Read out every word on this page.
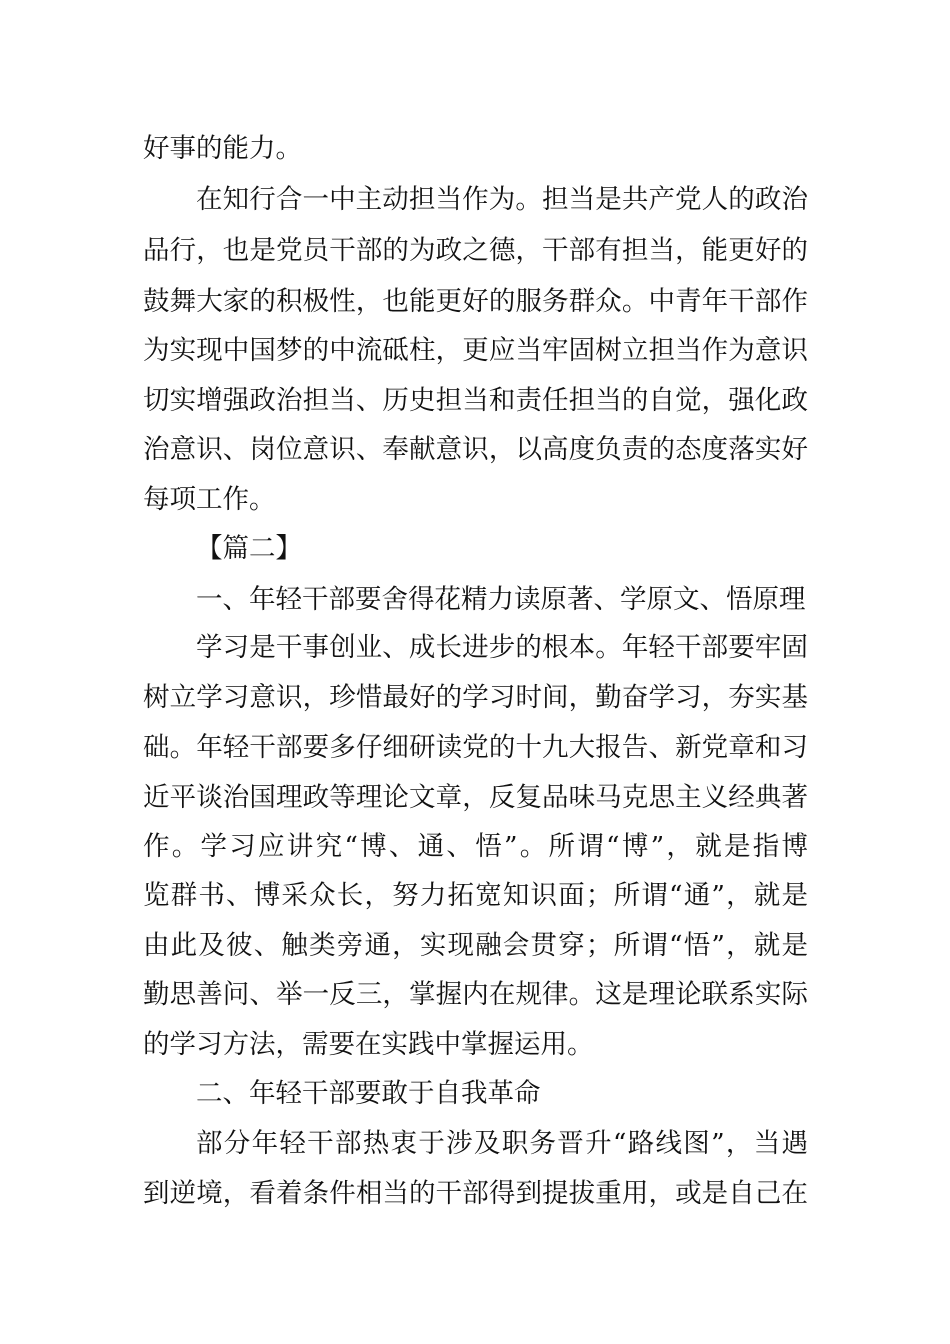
好事的能力。
在知行合一中主动担当作为。担当是共产党人的政治
品行，也是党员干部的为政之德，干部有担当，能更好的
鼓舞大家的积极性，也能更好的服务群众。中青年干部作
为实现中国梦的中流砥柱，更应当牢固树立担当作为意识
切实增强政治担当、历史担当和责任担当的自觉，强化政
治意识、岗位意识、奉献意识，以高度负责的态度落实好
每项工作。
【篇二】
一、年轻干部要舍得花精力读原著、学原文、悟原理
学习是干事创业、成长进步的根本。年轻干部要牢固
树立学习意识，珍惜最好的学习时间，勤奋学习，夯实基
础。年轻干部要多仔细研读党的十九大报告、新党章和习
近平谈治国理政等理论文章，反复品味马克思主义经典著
作。学习应讲究“博、通、悟”。所谓“博”，就是指博
览群书、博采众长，努力拓宽知识面；所谓“通”，就是
由此及彼、触类旁通，实现融会贯穿；所谓“悟”，就是
勤思善问、举一反三，掌握内在规律。这是理论联系实际
的学习方法，需要在实践中掌握运用。
二、年轻干部要敢于自我革命
部分年轻干部热衷于涉及职务晋升“路线图”，当遇
到逆境，看着条件相当的干部得到提拔重用，或是自己在
